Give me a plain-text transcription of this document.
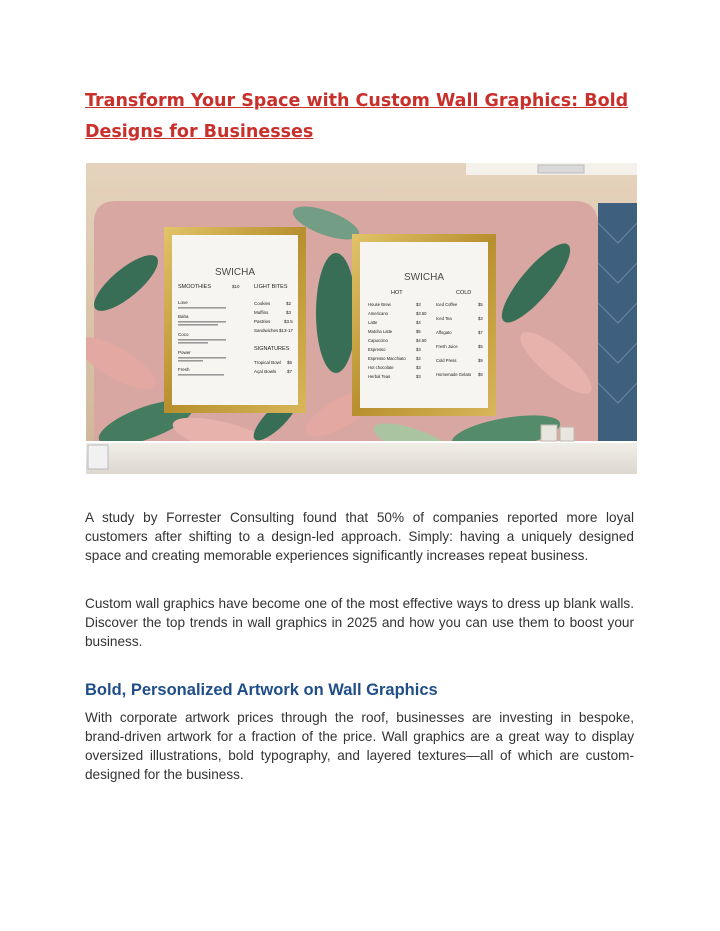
Transform Your Space with Custom Wall Graphics: Bold Designs for Businesses
SWICHA
SMOOTHIES	$10
Love
Baha
Coco
Power
Fresh
LIGHT BITES
Cookies	$2
Muffins	$3
Pastries	$3.5
Sandwiches $13-17
SIGNATURES
Tropical Bowl $6
Açaí Bowls $7
SWICHA
HOT	COLD
House Brew	$3
Americano	$3.50
Latte	$4
Matcha Latte	$5
Capuccino	$4.50
Espresso	$3
Espresso Macchiato $3
Hot chocolate	$3
Herbal Teas	$3
Iced Coffee	$5
Iced Tea	$3
Affogato	$7
Fresh Juice	$5
Cold Press	$9
Homemade Gelato $8

A study by Forrester Consulting found that 50% of companies reported more loyal customers after shifting to a design-led approach. Simply: having a uniquely designed space and creating memorable experiences significantly increases repeat business.

Custom wall graphics have become one of the most effective ways to dress up blank walls. Discover the top trends in wall graphics in 2025 and how you can use them to boost your business.

Bold, Personalized Artwork on Wall Graphics

With corporate artwork prices through the roof, businesses are investing in bespoke, brand-driven artwork for a fraction of the price. Wall graphics are a great way to display oversized illustrations, bold typography, and layered textures—all of which are custom-designed for the business.
